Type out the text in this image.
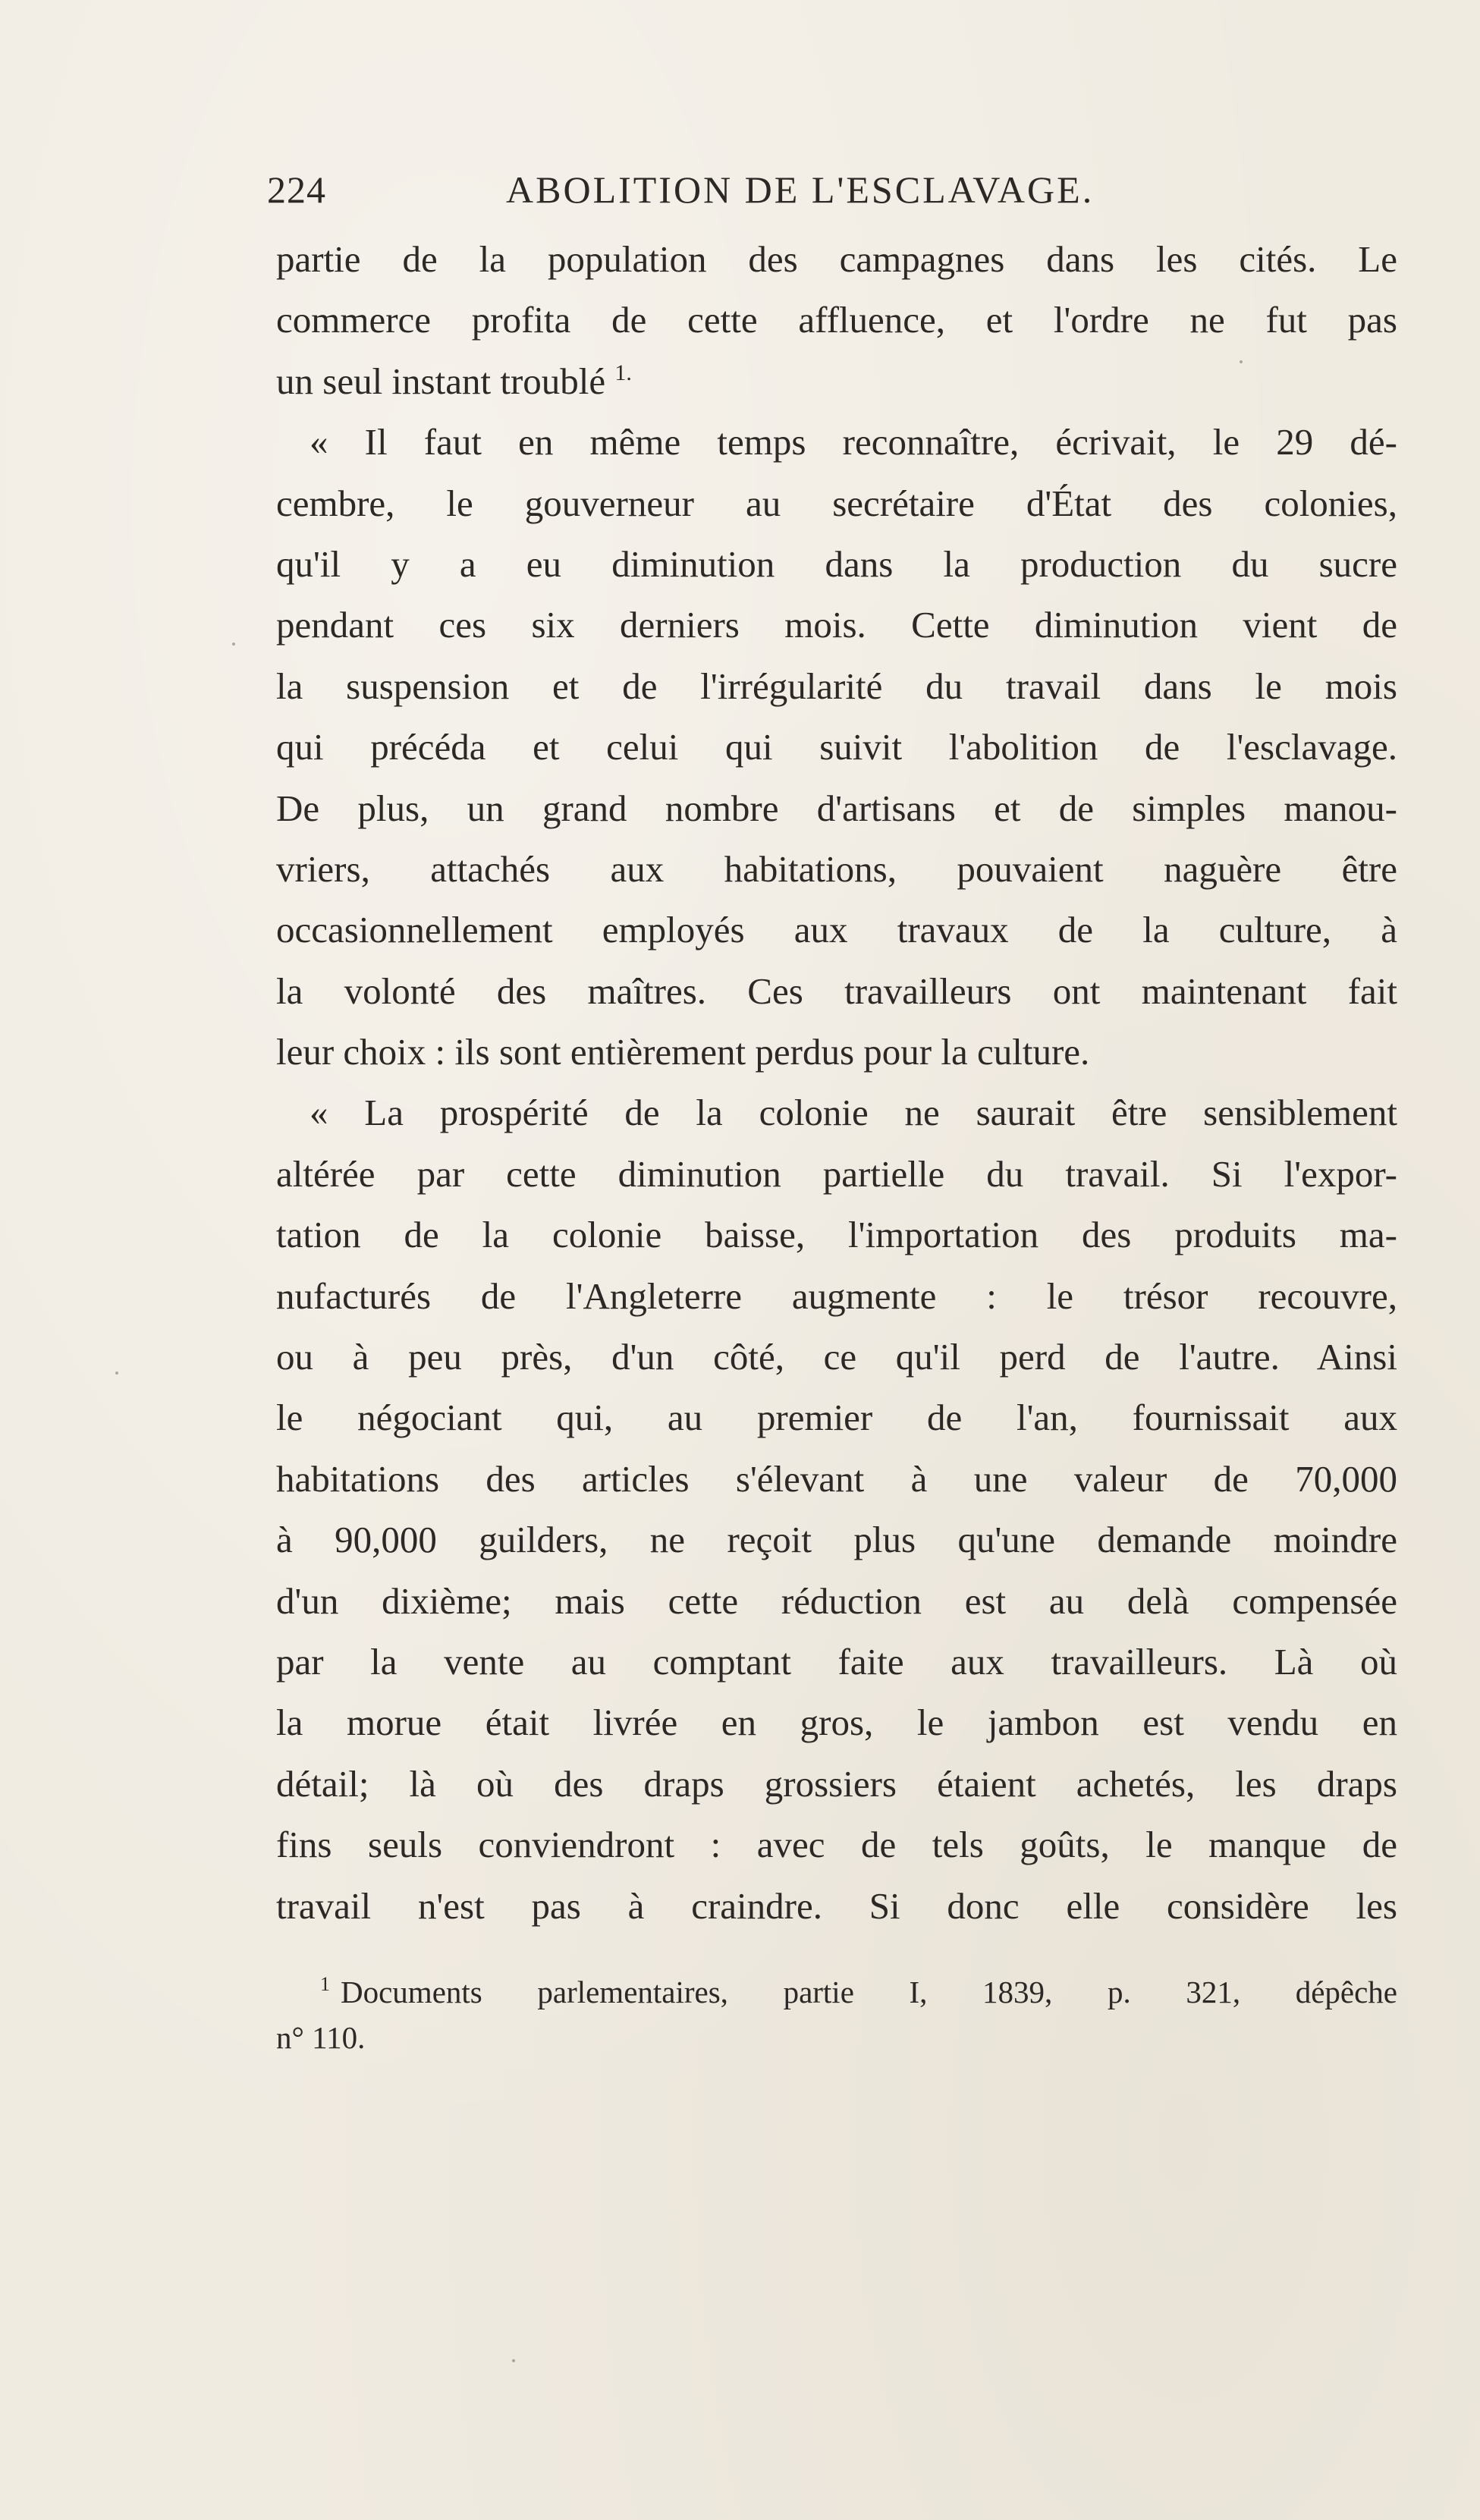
224	ABOLITION DE L'ESCLAVAGE.
partie de la population des campagnes dans les cités. Le
commerce profita de cette affluence, et l'ordre ne fut pas
un seul instant troublé $^{1.}$
« Il faut en même temps reconnaître, écrivait, le 29 dé-
cembre, le gouverneur au secrétaire d'État des colonies,
qu'il y a eu diminution dans la production du sucre
pendant ces six derniers mois. Cette diminution vient de
la suspension et de l'irrégularité du travail dans le mois
qui précéda et celui qui suivit l'abolition de l'esclavage.
De plus, un grand nombre d'artisans et de simples manou-
vriers, attachés aux habitations, pouvaient naguère être
occasionnellement employés aux travaux de la culture, à
la volonté des maîtres. Ces travailleurs ont maintenant fait
leur choix : ils sont entièrement perdus pour la culture.
« La prospérité de la colonie ne saurait être sensiblement
altérée par cette diminution partielle du travail. Si l'expor-
tation de la colonie baisse, l'importation des produits ma-
nufacturés de l'Angleterre augmente : le trésor recouvre,
ou à peu près, d'un côté, ce qu'il perd de l'autre. Ainsi
le négociant qui, au premier de l'an, fournissait aux
habitations des articles s'élevant à une valeur de 70,000
à 90,000 guilders, ne reçoit plus qu'une demande moindre
d'un dixième; mais cette réduction est au delà compensée
par la vente au comptant faite aux travailleurs. Là où
la morue était livrée en gros, le jambon est vendu en
détail; là où des draps grossiers étaient achetés, les draps
fins seuls conviendront : avec de tels goûts, le manque de
travail n'est pas à craindre. Si donc elle considère les
$^1$ Documents parlementaires, partie I, 1839, p. 321, dépêche
n° 110.
